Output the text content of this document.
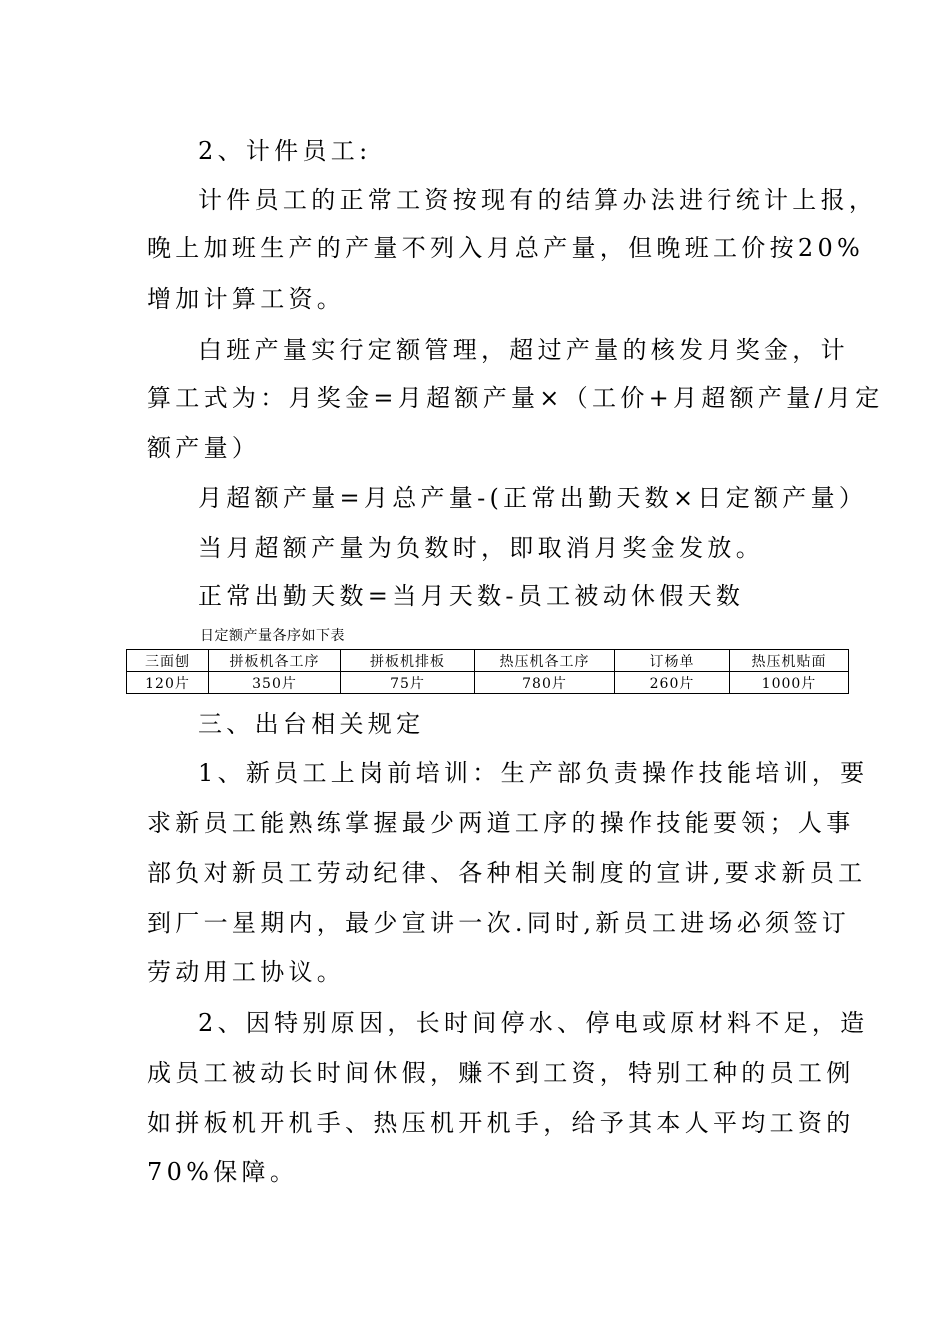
2、计件员工:
计件员工的正常工资按现有的结算办法进行统计上报，
晚上加班生产的产量不列入月总产量，但晚班工价按20%
增加计算工资。
白班产量实行定额管理，超过产量的核发月奖金，计
算工式为：月奖金=月超额产量×（工价+月超额产量/月定
额产量）
月超额产量=月总产量-(正常出勤天数×日定额产量）
当月超额产量为负数时，即取消月奖金发放。
正常出勤天数=当月天数-员工被动休假天数
日定额产量各序如下表
三面刨	拼板机各工序	拼板机排板	热压机各工序	订杨单	热压机贴面
120片	350片	75片	780片	260片	1000片
三、出台相关规定
1、新员工上岗前培训：生产部负责操作技能培训，要
求新员工能熟练掌握最少两道工序的操作技能要领；人事
部负对新员工劳动纪律、各种相关制度的宣讲,要求新员工
到厂一星期内，最少宣讲一次.同时,新员工进场必须签订
劳动用工协议。
2、因特别原因，长时间停水、停电或原材料不足，造
成员工被动长时间休假，赚不到工资，特别工种的员工例
如拼板机开机手、热压机开机手，给予其本人平均工资的
70%保障。
